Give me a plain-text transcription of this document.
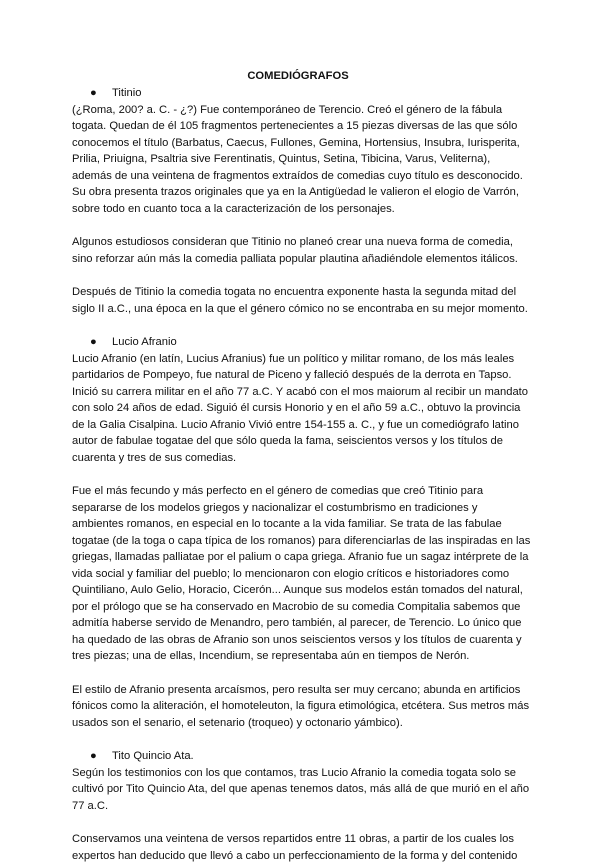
COMEDIÓGRAFOS
● Titinio

(¿Roma, 200? a. C. - ¿?) Fue contemporáneo de Terencio. Creó el género de la fábula
togata. Quedan de él 105 fragmentos pertenecientes a 15 piezas diversas de las que sólo
conocemos el título (Barbatus, Caecus, Fullones, Gemina, Hortensius, Insubra, Iurisperita,
Prilia, Priuigna, Psaltria sive Ferentinatis, Quintus, Setina, Tibicina, Varus, Veliterna),
además de una veintena de fragmentos extraídos de comedias cuyo título es desconocido.
Su obra presenta trazos originales que ya en la Antigüedad le valieron el elogio de Varrón,
sobre todo en cuanto toca a la caracterización de los personajes.

Algunos estudiosos consideran que Titinio no planeó crear una nueva forma de comedia,
sino reforzar aún más la comedia palliata popular plautina añadiéndole elementos itálicos.

Después de Titinio la comedia togata no encuentra exponente hasta la segunda mitad del
siglo II a.C., una época en la que el género cómico no se encontraba en su mejor momento.

● Lucio Afranio

Lucio Afranio (en latín, Lucius Afranius) fue un político y militar romano, de los más leales
partidarios de Pompeyo, fue natural de Piceno y falleció después de la derrota en Tapso.
Inició su carrera militar en el año 77 a.C. Y acabó con el mos maiorum al recibir un mandato
con solo 24 años de edad. Siguió él cursis Honorio y en el año 59 a.C., obtuvo la provincia
de la Galia Cisalpina. Lucio Afranio Vivió entre 154-155 a. C., y fue un comediógrafo latino
autor de fabulae togatae del que sólo queda la fama, seiscientos versos y los títulos de
cuarenta y tres de sus comedias.

Fue el más fecundo y más perfecto en el género de comedias que creó Titinio para
separarse de los modelos griegos y nacionalizar el costumbrismo en tradiciones y
ambientes romanos, en especial en lo tocante a la vida familiar. Se trata de las fabulae
togatae (de la toga o capa típica de los romanos) para diferenciarlas de las inspiradas en las
griegas, llamadas palliatae por el palium o capa griega. Afranio fue un sagaz intérprete de la
vida social y familiar del pueblo; lo mencionaron con elogio críticos e historiadores como
Quintiliano, Aulo Gelio, Horacio, Cicerón... Aunque sus modelos están tomados del natural,
por el prólogo que se ha conservado en Macrobio de su comedia Compitalia sabemos que
admitía haberse servido de Menandro, pero también, al parecer, de Terencio. Lo único que
ha quedado de las obras de Afranio son unos seiscientos versos y los títulos de cuarenta y
tres piezas; una de ellas, Incendium, se representaba aún en tiempos de Nerón.

El estilo de Afranio presenta arcaísmos, pero resulta ser muy cercano; abunda en artificios
fónicos como la aliteración, el homoteleuton, la figura etimológica, etcétera. Sus metros más
usados son el senario, el setenario (troqueo) y octonario yámbico).

● Tito Quincio Ata.

Según los testimonios con los que contamos, tras Lucio Afranio la comedia togata solo se
cultivó por Tito Quincio Ata, del que apenas tenemos datos, más allá de que murió en el año
77 a.C.

Conservamos una veintena de versos repartidos entre 11 obras, a partir de los cuales los
expertos han deducido que llevó a cabo un perfeccionamiento de la forma y del contenido
